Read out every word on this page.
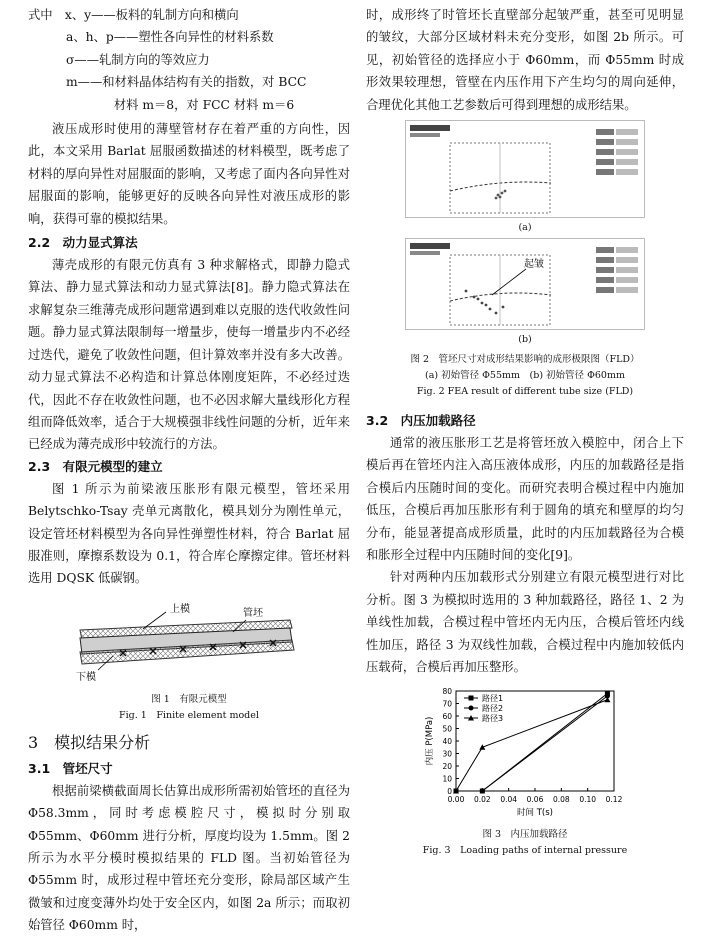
式中　x、y——板料的轧制方向和横向

a、h、p——塑性各向异性的材料系数

σ——轧制方向的等效应力

m——和材料晶体结构有关的指数，对 BCC

材料 m＝8，对 FCC 材料 m＝6

液压成形时使用的薄壁管材存在着严重的方向性，因此，本文采用 Barlat 屈服函数描述的材料模型，既考虑了材料的厚向异性对屈服面的影响，又考虑了面内各向异性对屈服面的影响，能够更好的反映各向异性对液压成形的影响，获得可靠的模拟结果。

2.2　动力显式算法

薄壳成形的有限元仿真有 3 种求解格式，即静力隐式算法、静力显式算法和动力显式算法[8]。静力隐式算法在求解复杂三维薄壳成形问题常遇到难以克服的迭代收敛性问题。静力显式算法限制每一增量步，使每一增量步内不必经过迭代，避免了收敛性问题，但计算效率并没有多大改善。动力显式算法不必构造和计算总体刚度矩阵，不必经过迭代，因此不存在收敛性问题，也不必因求解大量线形化方程组而降低效率，适合于大规模强非线性问题的分析，近年来已经成为薄壳成形中较流行的方法。

2.3　有限元模型的建立

图 1 所示为前梁液压胀形有限元模型，管坯采用 Belytschko-Tsay 壳单元离散化，模具划分为刚性单元，设定管坯材料模型为各向异性弹塑性材料，符合 Barlat 屈服准则，摩擦系数设为 0.1，符合库仑摩擦定律。管坯材料选用 DQSK 低碳钢。

上模	管坯
下模

图 1　有限元模型

Fig. 1　Finite element model

3　模拟结果分析

3.1　管坯尺寸

根据前梁横截面周长估算出成形所需初始管坯的直径为 Φ58.3mm，同时考虑模腔尺寸，模拟时分别取 Φ55mm、Φ60mm 进行分析，厚度均设为 1.5mm。图 2 所示为水平分模时模拟结果的 FLD 图。当初始管径为 Φ55mm 时，成形过程中管坯充分变形，除局部区域产生微皱和过度变薄外均处于安全区内，如图 2a 所示；而取初始管径 Φ60mm 时，

时，成形终了时管坯长直壁部分起皱严重，甚至可见明显的皱纹，大部分区域材料未充分变形，如图 2b 所示。可见，初始管径的选择应小于 Φ60mm，而 Φ55mm 时成形效果较理想，管壁在内压作用下产生均匀的周向延伸，合理优化其他工艺参数后可得到理想的成形结果。

(a)
起皱
(b)

图 2　管坯尺寸对成形结果影响的成形极限图（FLD）

(a) 初始管径 Φ55mm　(b) 初始管径 Φ60mm

Fig. 2 FEA result of different tube size (FLD)

3.2　内压加载路径

通常的液压胀形工艺是将管坯放入模腔中，闭合上下模后再在管坯内注入高压液体成形，内压的加载路径是指合模后内压随时间的变化。而研究表明合模过程中内施加低压，合模后再加压胀形有利于圆角的填充和壁厚的均匀分布，能显著提高成形质量，此时的内压加载路径为合模和胀形全过程中内压随时间的变化[9]。

针对两种内压加载形式分别建立有限元模型进行对比分析。图 3 为模拟时选用的 3 种加载路径，路径 1、2 为单线性加载，合模过程中管坯内无内压，合模后管坯内线性加压，路径 3 为双线性加载，合模过程中内施加较低内压载荷，合模后再加压整形。

0
10
20
30
40
50
60
70
80
0.00 0.02 0.04 0.06 0.08 0.10 0.12
时间 T(s)
内压 P(MPa)
路径1
路径2
路径3

图 3　内压加载路径

Fig. 3　Loading paths of internal pressure
